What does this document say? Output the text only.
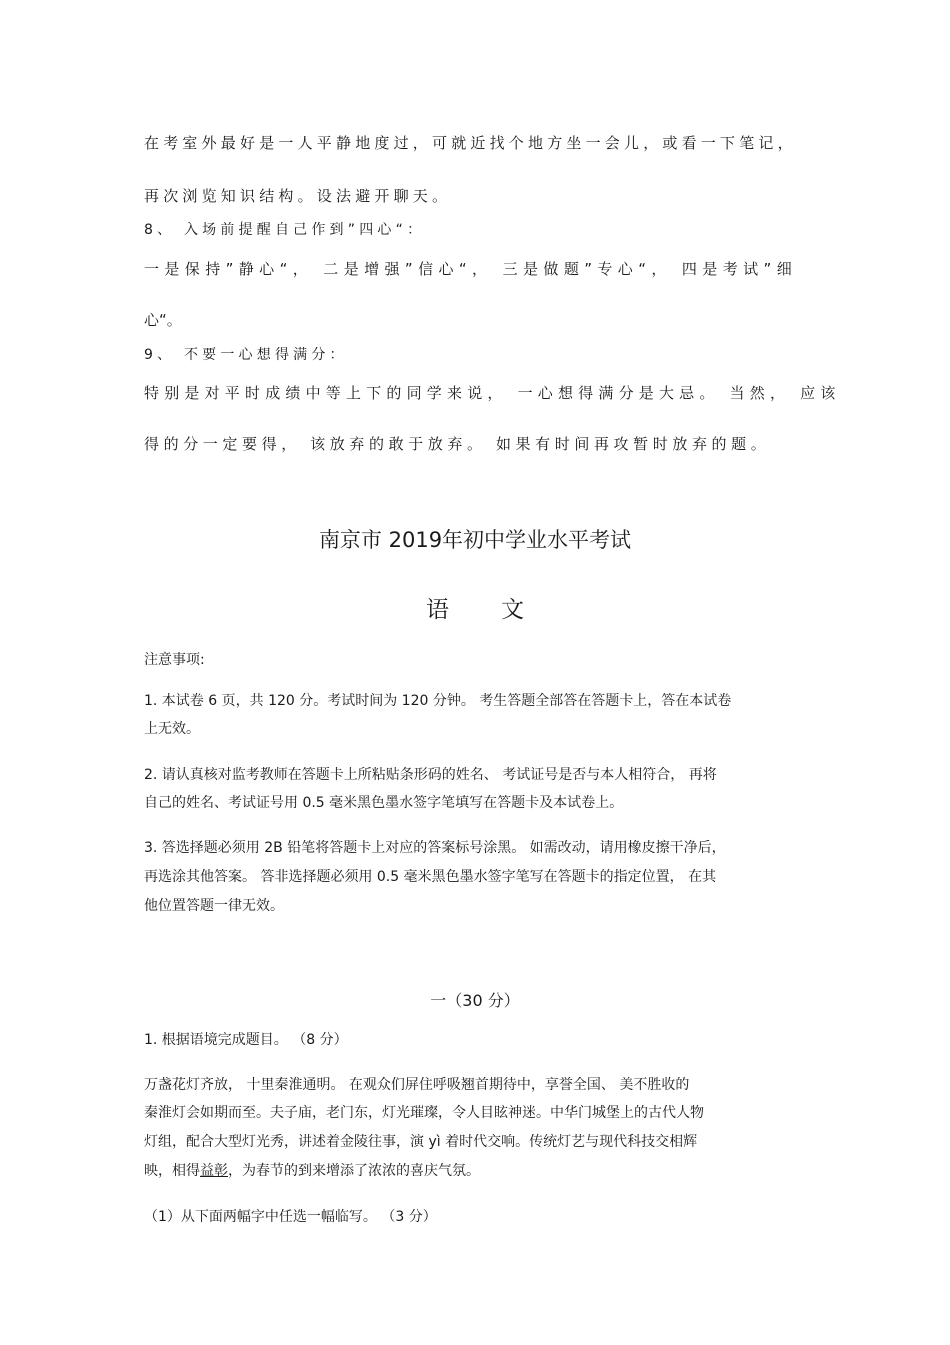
在考室外最好是一人平静地度过，可就近找个地方坐一会儿，或看一下笔记，
再次浏览知识结构。设法避开聊天。
8、 入场前提醒自己作到”四心“：
一是保持”静心“， 二是增强”信心“， 三是做题”专心“， 四是考试”细
心“。
9、 不要一心想得满分：
特别是对平时成绩中等上下的同学来说， 一心想得满分是大忌。 当然， 应该
得的分一定要得， 该放弃的敢于放弃。 如果有时间再攻暂时放弃的题。
南京市 2019年初中学业水平考试
语 文
注意事项:
1. 本试卷 6 页，共 120 分。考试时间为 120 分钟。 考生答题全部答在答题卡上，答在本试卷
上无效。
2. 请认真核对监考教师在答题卡上所粘贴条形码的姓名、 考试证号是否与本人相符合， 再将
自己的姓名、考试证号用 0.5 毫米黑色墨水签字笔填写在答题卡及本试卷上。
3. 答选择题必须用 2B 铅笔将答题卡上对应的答案标号涂黑。 如需改动，请用橡皮擦干净后，
再选涂其他答案。 答非选择题必须用 0.5 毫米黑色墨水签字笔写在答题卡的指定位置， 在其
他位置答题一律无效。
一（30 分）
1. 根据语境完成题目。 （8 分）
万盏花灯齐放， 十里秦淮通明。 在观众们屏住呼吸翘首期待中，享誉全国、 美不胜收的
秦淮灯会如期而至。夫子庙，老门东，灯光璀璨，令人目眩神迷。中华门城堡上的古代人物
灯组，配合大型灯光秀，讲述着金陵往事，演 yì 着时代交响。传统灯艺与现代科技交相辉
映，相得益彰，为春节的到来增添了浓浓的喜庆气氛。
（1）从下面两幅字中任选一幅临写。 （3 分）
